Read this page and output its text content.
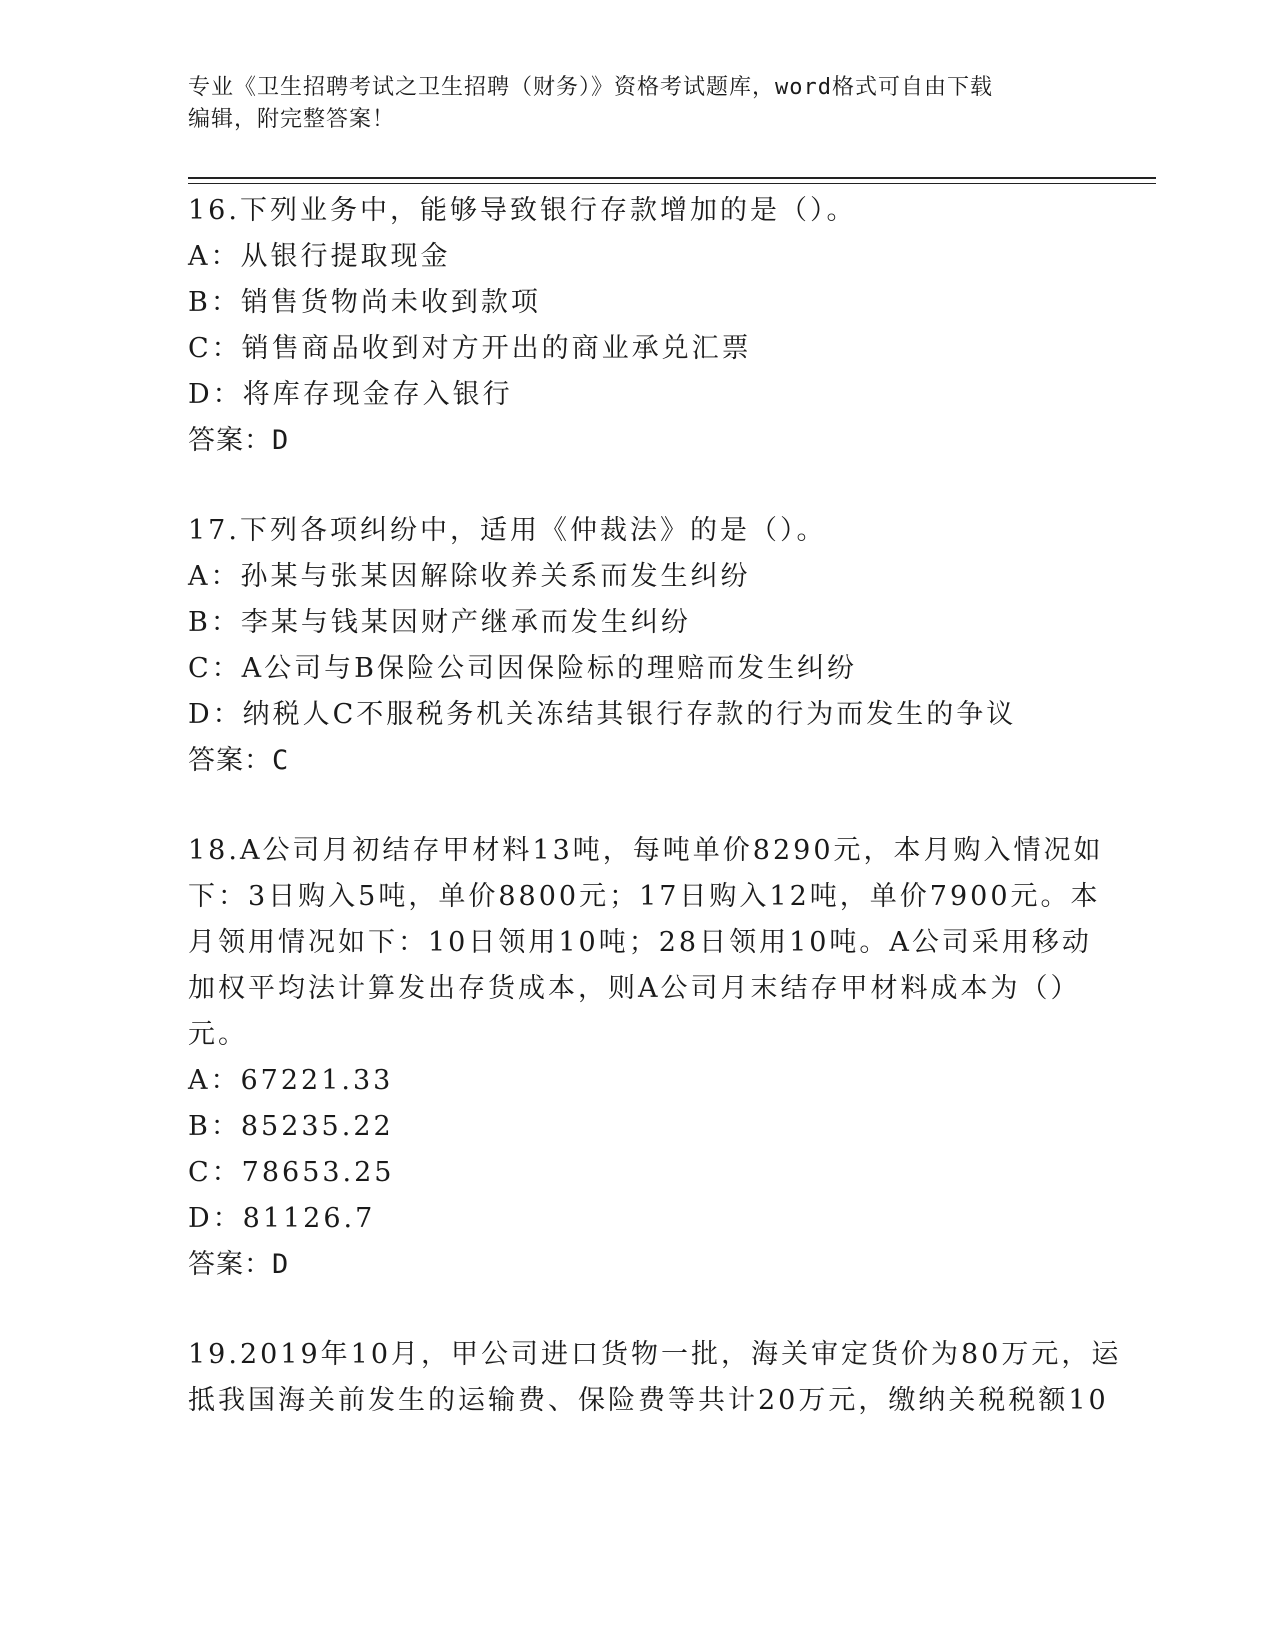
专业《卫生招聘考试之卫生招聘（财务）》资格考试题库，word格式可自由下载
编辑，附完整答案！
16.下列业务中，能够导致银行存款增加的是（）。
A：从银行提取现金
B：销售货物尚未收到款项
C：销售商品收到对方开出的商业承兑汇票
D：将库存现金存入银行
答案：D
17.下列各项纠纷中，适用《仲裁法》的是（）。
A：孙某与张某因解除收养关系而发生纠纷
B：李某与钱某因财产继承而发生纠纷
C：A公司与B保险公司因保险标的理赔而发生纠纷
D：纳税人C不服税务机关冻结其银行存款的行为而发生的争议
答案：C
18.A公司月初结存甲材料13吨，每吨单价8290元，本月购入情况如
下：3日购入5吨，单价8800元；17日购入12吨，单价7900元。本
月领用情况如下：10日领用10吨；28日领用10吨。A公司采用移动
加权平均法计算发出存货成本，则A公司月末结存甲材料成本为（）
元。
A：67221.33
B：85235.22
C：78653.25
D：81126.7
答案：D
19.2019年10月，甲公司进口货物一批，海关审定货价为80万元，运
抵我国海关前发生的运输费、保险费等共计20万元，缴纳关税税额10
